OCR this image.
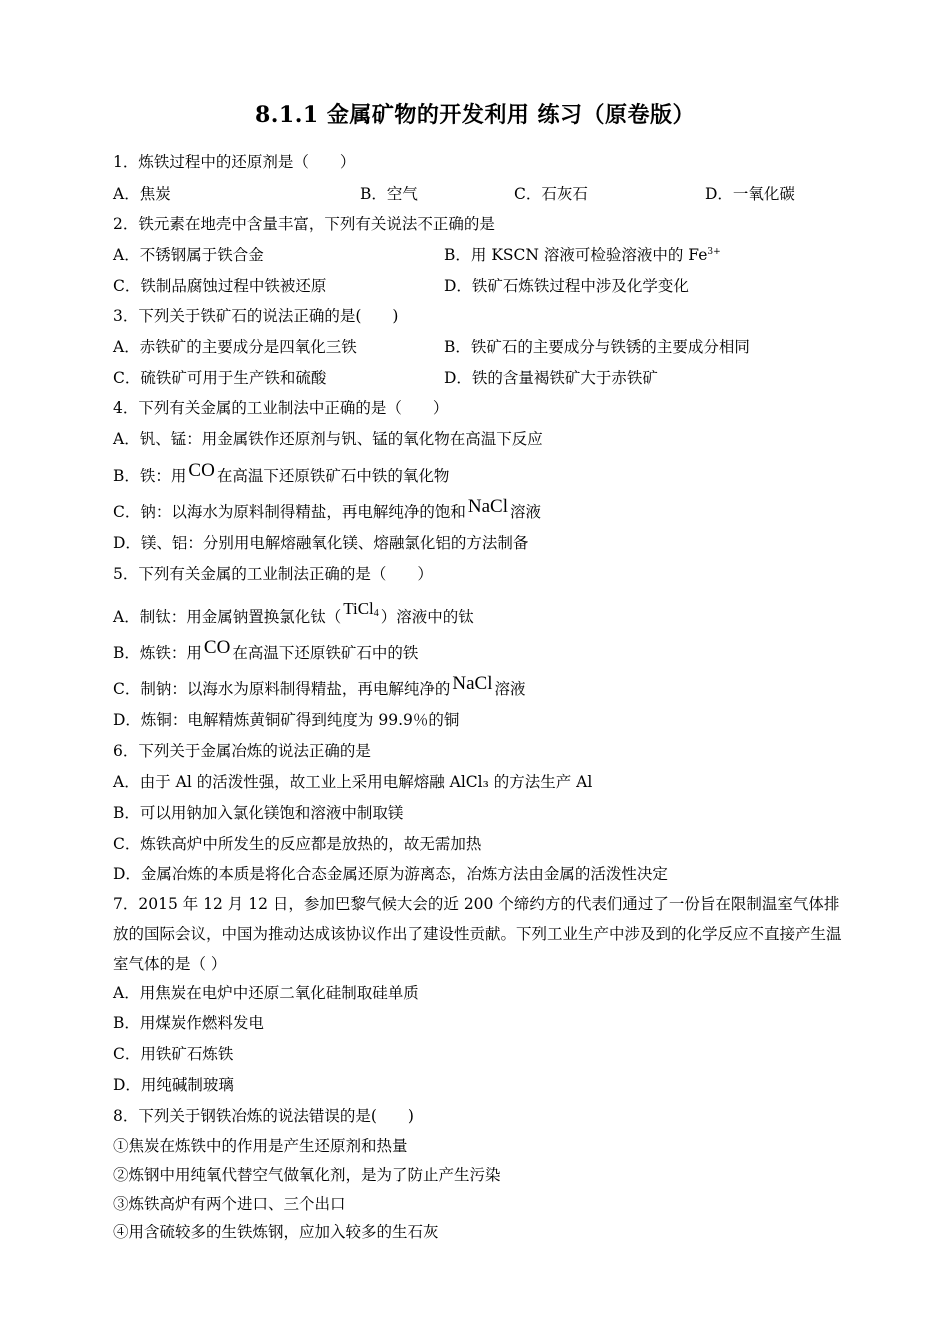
8.1.1 金属矿物的开发利用 练习（原卷版）
1．炼铁过程中的还原剂是（　　）
A．焦炭	B．空气	C．石灰石	D．一氧化碳
2．铁元素在地壳中含量丰富，下列有关说法不正确的是
A．不锈钢属于铁合金	B．用 KSCN 溶液可检验溶液中的 $Fe^{3+}$
C．铁制品腐蚀过程中铁被还原	D．铁矿石炼铁过程中涉及化学变化
3．下列关于铁矿石的说法正确的是(　　)
A．赤铁矿的主要成分是四氧化三铁	B．铁矿石的主要成分与铁锈的主要成分相同
C．硫铁矿可用于生产铁和硫酸	D．铁的含量褐铁矿大于赤铁矿
4．下列有关金属的工业制法中正确的是（　　）
A．钒、锰：用金属铁作还原剂与钒、锰的氧化物在高温下反应
B．铁：用 CO 在高温下还原铁矿石中铁的氧化物
C．钠：以海水为原料制得精盐，再电解纯净的饱和 NaCl 溶液
D．镁、铝：分别用电解熔融氧化镁、熔融氯化铝的方法制备
5．下列有关金属的工业制法正确的是（　　）
A．制钛：用金属钠置换氯化钛（ TiCl$_4$ ）溶液中的钛
B．炼铁：用 CO 在高温下还原铁矿石中的铁
C．制钠：以海水为原料制得精盐，再电解纯净的 NaCl 溶液
D．炼铜：电解精炼黄铜矿得到纯度为 99.9％的铜
6．下列关于金属冶炼的说法正确的是
A．由于 Al 的活泼性强，故工业上采用电解熔融 AlCl₃ 的方法生产 Al
B．可以用钠加入氯化镁饱和溶液中制取镁
C．炼铁高炉中所发生的反应都是放热的，故无需加热
D．金属冶炼的本质是将化合态金属还原为游离态，冶炼方法由金属的活泼性决定
7．2015 年 12 月 12 日，参加巴黎气候大会的近 200 个缔约方的代表们通过了一份旨在限制温室气体排放的国际会议，中国为推动达成该协议作出了建设性贡献。下列工业生产中涉及到的化学反应不直接产生温室气体的是（ ）
A．用焦炭在电炉中还原二氧化硅制取硅单质
B．用煤炭作燃料发电
C．用铁矿石炼铁
D．用纯碱制玻璃
8．下列关于钢铁冶炼的说法错误的是(　　)
①焦炭在炼铁中的作用是产生还原剂和热量
②炼钢中用纯氧代替空气做氧化剂，是为了防止产生污染
③炼铁高炉有两个进口、三个出口
④用含硫较多的生铁炼钢，应加入较多的生石灰
